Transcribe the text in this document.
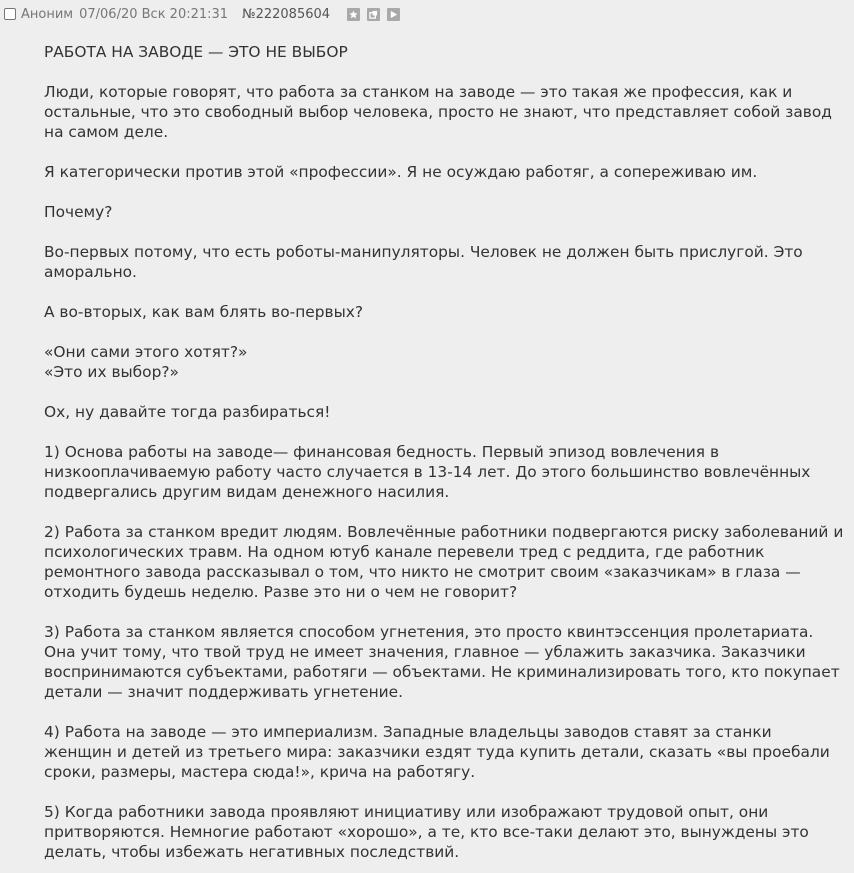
Аноним 07/06/20 Вск 20:21:31 №222085604

РАБОТА НА ЗАВОДЕ — ЭТО НЕ ВЫБОР

Люди, которые говорят, что работа за станком на заводе — это такая же профессия, как и остальные, что это свободный выбор человека, просто не знают, что представляет собой завод на самом деле.

Я категорически против этой «профессии». Я не осуждаю работяг, а сопереживаю им.

Почему?

Во-первых потому, что есть роботы-манипуляторы. Человек не должен быть прислугой. Это аморально.

А во-вторых, как вам блять во-первых?

«Они сами этого хотят?»

«Это их выбор?»

Ох, ну давайте тогда разбираться!

1) Основа работы на заводе— финансовая бедность. Первый эпизод вовлечения в низкооплачиваемую работу часто случается в 13-14 лет. До этого большинство вовлечённых подвергались другим видам денежного насилия.

2) Работа за станком вредит людям. Вовлечённые работники подвергаются риску заболеваний и психологических травм. На одном ютуб канале перевели тред с реддита, где работник ремонтного завода рассказывал о том, что никто не смотрит своим «заказчикам» в глаза — отходить будешь неделю. Разве это ни о чем не говорит?

3) Работа за станком является способом угнетения, это просто квинтэссенция пролетариата. Она учит тому, что твой труд не имеет значения, главное — ублажить заказчика. Заказчики воспринимаются субъектами, работяги — объектами. Не криминализировать того, кто покупает детали — значит поддерживать угнетение.

4) Работа на заводе — это империализм. Западные владельцы заводов ставят за станки женщин и детей из третьего мира: заказчики ездят туда купить детали, сказать «вы проебали сроки, размеры, мастера сюда!», крича на работягу.

5) Когда работники завода проявляют инициативу или изображают трудовой опыт, они притворяются. Немногие работают «хорошо», а те, кто все-таки делают это, вынуждены это делать, чтобы избежать негативных последствий.
